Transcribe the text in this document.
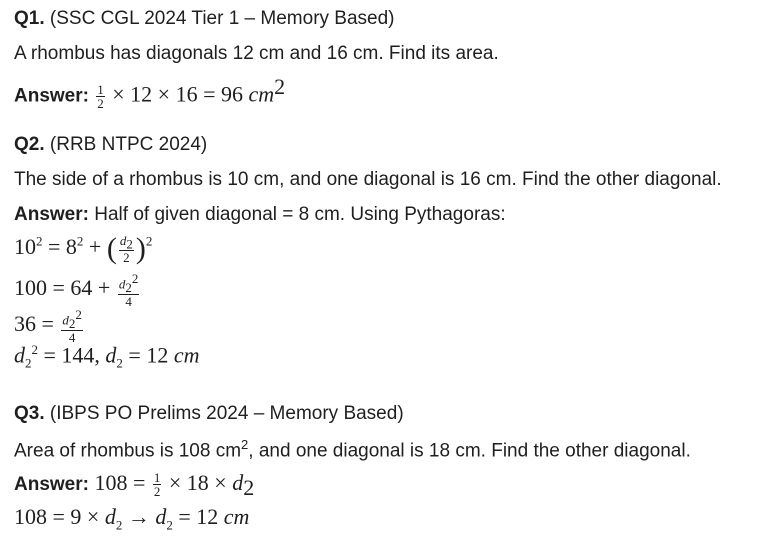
Q1. (SSC CGL 2024 Tier 1 – Memory Based)
A rhombus has diagonals 12 cm and 16 cm. Find its area.
Answer: $\frac{1}{2} \times 12 \times 16 = 96$ $cm^2$
Q2. (RRB NTPC 2024)
The side of a rhombus is 10 cm, and one diagonal is 16 cm. Find the other diagonal.
Answer: Half of given diagonal = 8 cm. Using Pythagoras:
$10^2 = 8^2$ + ( $\frac{d_2}{2} )^2$
$100 = 64 + \frac{d_2^2}{4}$
$36 = \frac{d_2^2}{4}$
$d_2^2 = 144$, $d_2 = 12$ cm
Q3. (IBPS PO Prelims 2024 – Memory Based)
Area of rhombus is 108 $cm^2$, and one diagonal is 18 cm. Find the other diagonal.
Answer: $108 = \frac{1}{2} \times 18 \times d_2$
$108 = 9 \times d_2 \to d_2 = 12$ cm
